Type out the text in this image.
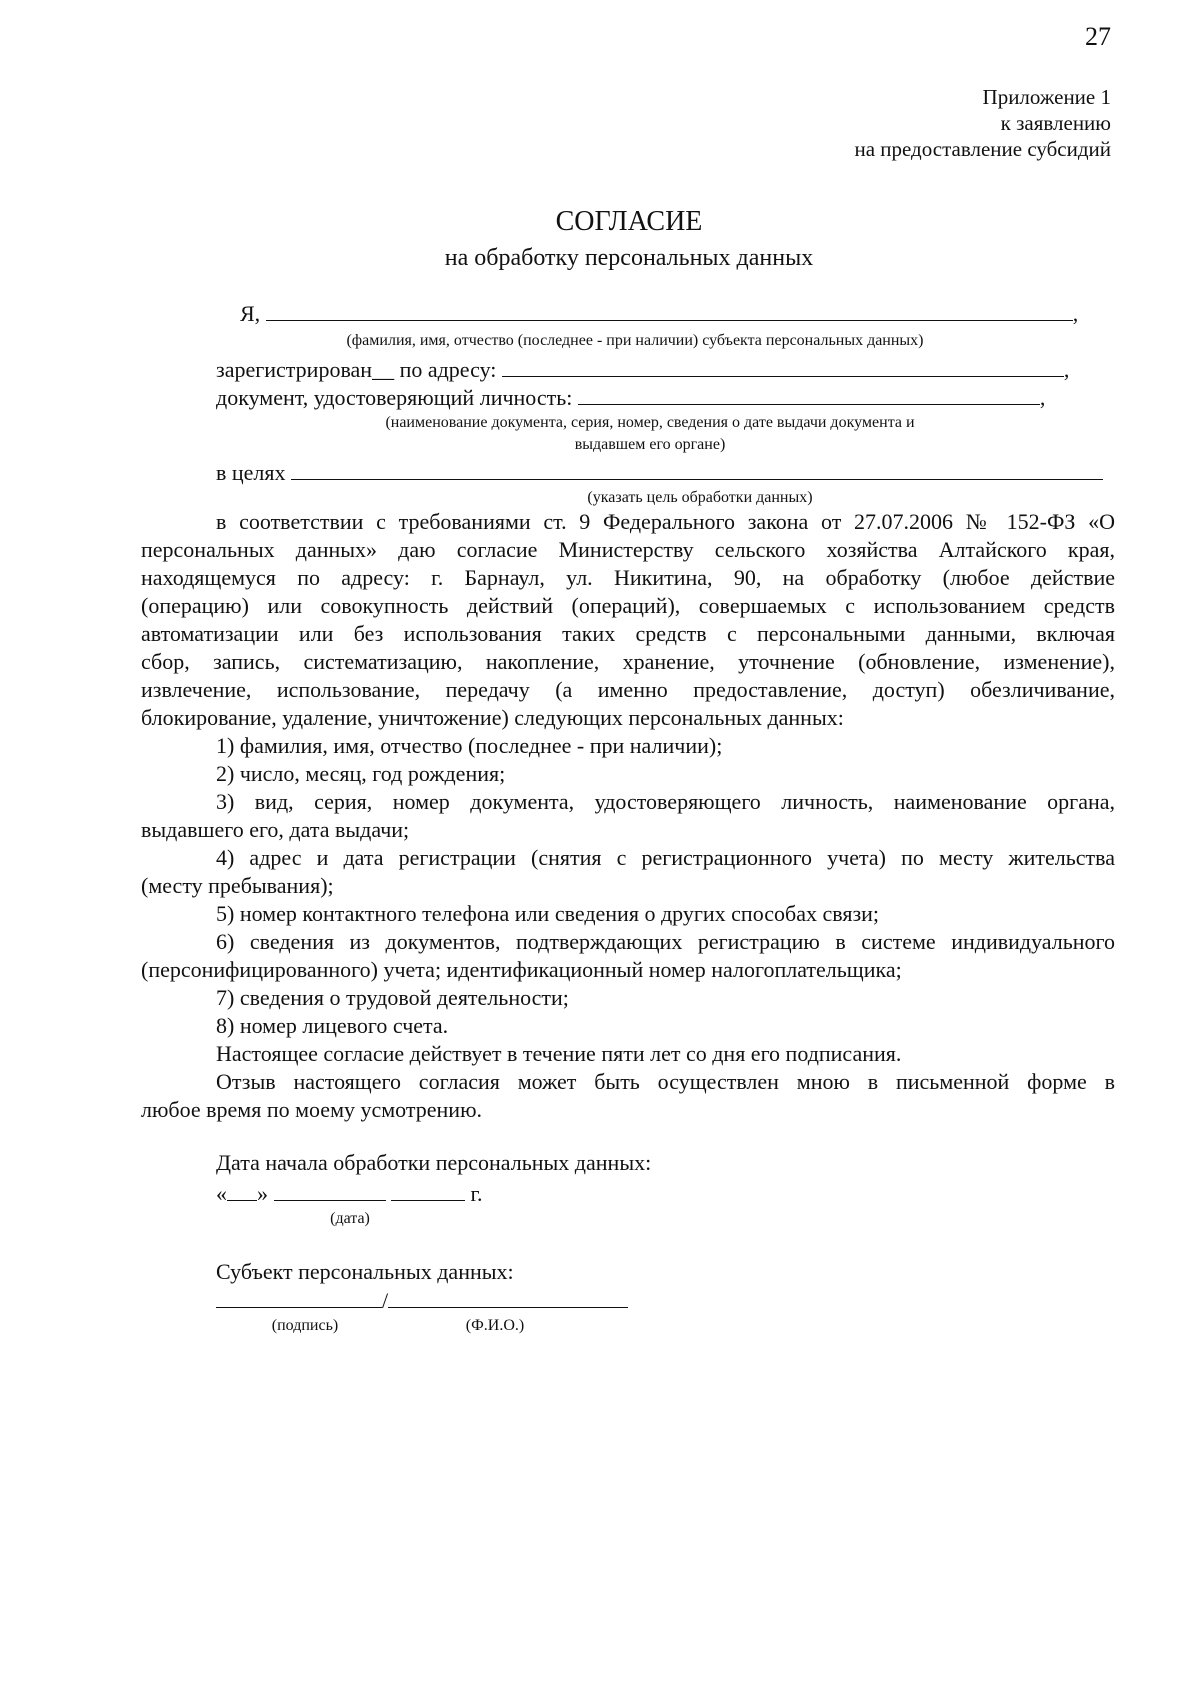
27
Приложение 1
к заявлению
на предоставление субсидий
СОГЛАСИЕ
на обработку персональных данных
Я,	,
(фамилия, имя, отчество (последнее - при наличии) субъекта персональных данных)
зарегистрирован__ по адресу:	,
документ, удостоверяющий личность:	,
(наименование документа, серия, номер, сведения о дате выдачи документа и
выдавшем его органе)
в целях
(указать цель обработки данных)
в соответствии с требованиями ст. 9 Федерального закона от 27.07.2006 № 152-ФЗ «О
персональных данных» даю согласие Министерству сельского хозяйства Алтайского края,
находящемуся по адресу: г. Барнаул, ул. Никитина, 90, на обработку (любое действие
(операцию) или совокупность действий (операций), совершаемых с использованием средств
автоматизации или без использования таких средств с персональными данными, включая
сбор, запись, систематизацию, накопление, хранение, уточнение (обновление, изменение),
извлечение, использование, передачу (а именно предоставление, доступ) обезличивание,
блокирование, удаление, уничтожение) следующих персональных данных:
1) фамилия, имя, отчество (последнее - при наличии);
2) число, месяц, год рождения;
3) вид, серия, номер документа, удостоверяющего личность, наименование органа,
выдавшего его, дата выдачи;
4) адрес и дата регистрации (снятия с регистрационного учета) по месту жительства
(месту пребывания);
5) номер контактного телефона или сведения о других способах связи;
6) сведения из документов, подтверждающих регистрацию в системе индивидуального
(персонифицированного) учета; идентификационный номер налогоплательщика;
7) сведения о трудовой деятельности;
8) номер лицевого счета.
Настоящее согласие действует в течение пяти лет со дня его подписания.
Отзыв настоящего согласия может быть осуществлен мною в письменной форме в
любое время по моему усмотрению.
Дата начала обработки персональных данных:
« »	г.
(дата)
Субъект персональных данных:
/
(подпись)	(Ф.И.О.)
